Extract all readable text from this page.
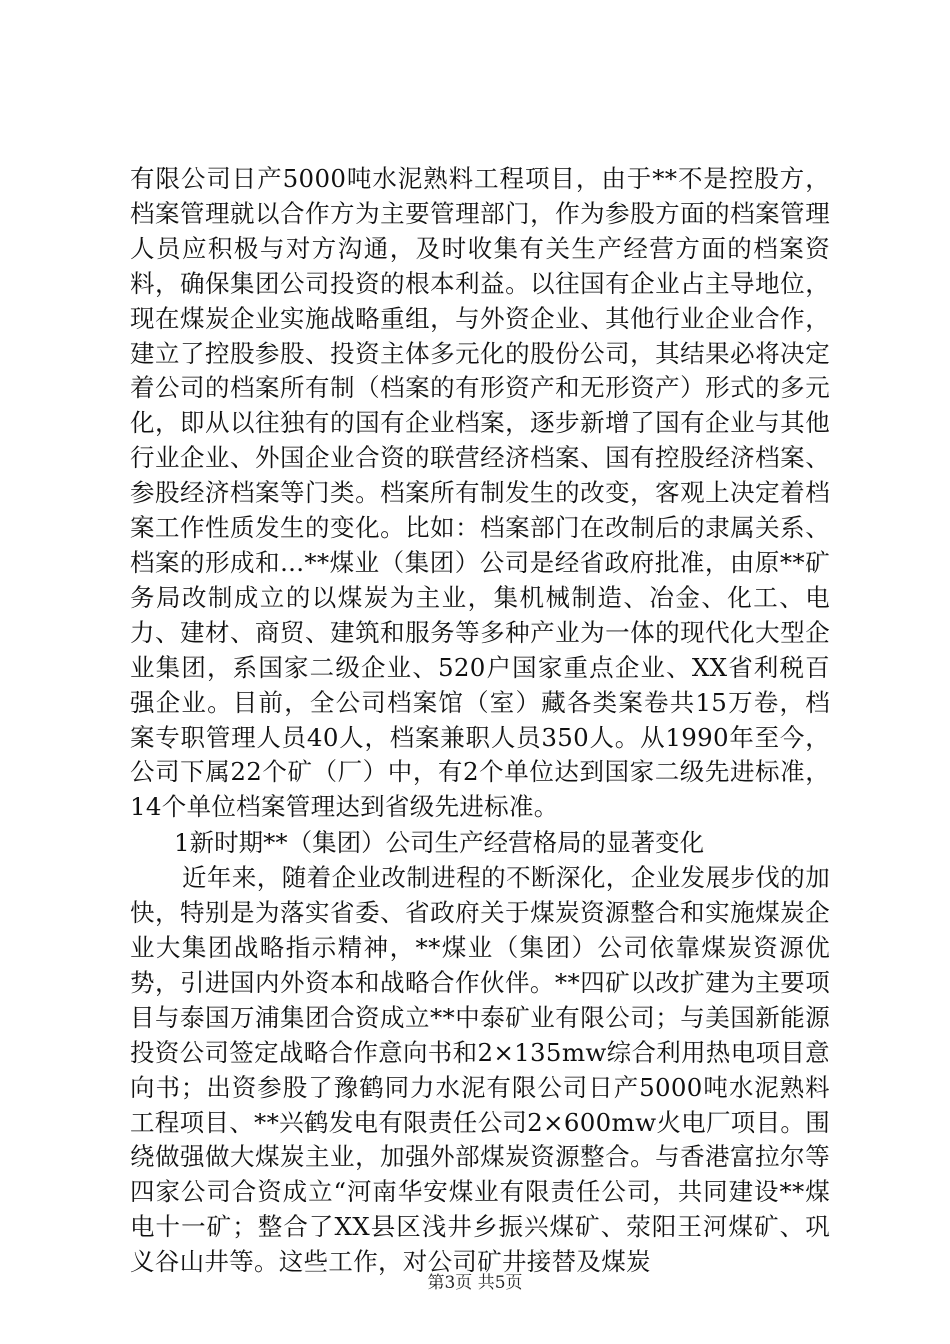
有限公司日产5000吨水泥熟料工程项目，由于**不是控股方，档案管理就以合作方为主要管理部门，作为参股方面的档案管理人员应积极与对方沟通，及时收集有关生产经营方面的档案资料，确保集团公司投资的根本利益。以往国有企业占主导地位，现在煤炭企业实施战略重组，与外资企业、其他行业企业合作，建立了控股参股、投资主体多元化的股份公司，其结果必将决定着公司的档案所有制（档案的有形资产和无形资产）形式的多元化，即从以往独有的国有企业档案，逐步新增了国有企业与其他行业企业、外国企业合资的联营经济档案、国有控股经济档案、参股经济档案等门类。档案所有制发生的改变，客观上决定着档案工作性质发生的变化。比如：档案部门在改制后的隶属关系、档案的形成和...**煤业（集团）公司是经省政府批准，由原**矿务局改制成立的以煤炭为主业，集机械制造、冶金、化工、电力、建材、商贸、建筑和服务等多种产业为一体的现代化大型企业集团，系国家二级企业、520户国家重点企业、XX省利税百强企业。目前，全公司档案馆（室）藏各类案卷共15万卷，档案专职管理人员40人，档案兼职人员350人。从1990年至今，公司下属22个矿（厂）中，有2个单位达到国家二级先进标准，14个单位档案管理达到省级先进标准。

1新时期**（集团）公司生产经营格局的显著变化

近年来，随着企业改制进程的不断深化，企业发展步伐的加快，特别是为落实省委、省政府关于煤炭资源整合和实施煤炭企业大集团战略指示精神，**煤业（集团）公司依靠煤炭资源优势，引进国内外资本和战略合作伙伴。**四矿以改扩建为主要项目与泰国万浦集团合资成立**中泰矿业有限公司；与美国新能源投资公司签定战略合作意向书和2×135mw综合利用热电项目意向书；出资参股了豫鹤同力水泥有限公司日产5000吨水泥熟料工程项目、**兴鹤发电有限责任公司2×600mw火电厂项目。围绕做强做大煤炭主业，加强外部煤炭资源整合。与香港富拉尔等四家公司合资成立“河南华安煤业有限责任公司，共同建设**煤电十一矿；整合了XX县区浅井乡振兴煤矿、荥阳王河煤矿、巩义谷山井等。这些工作，对公司矿井接替及煤炭

第3页 共5页
